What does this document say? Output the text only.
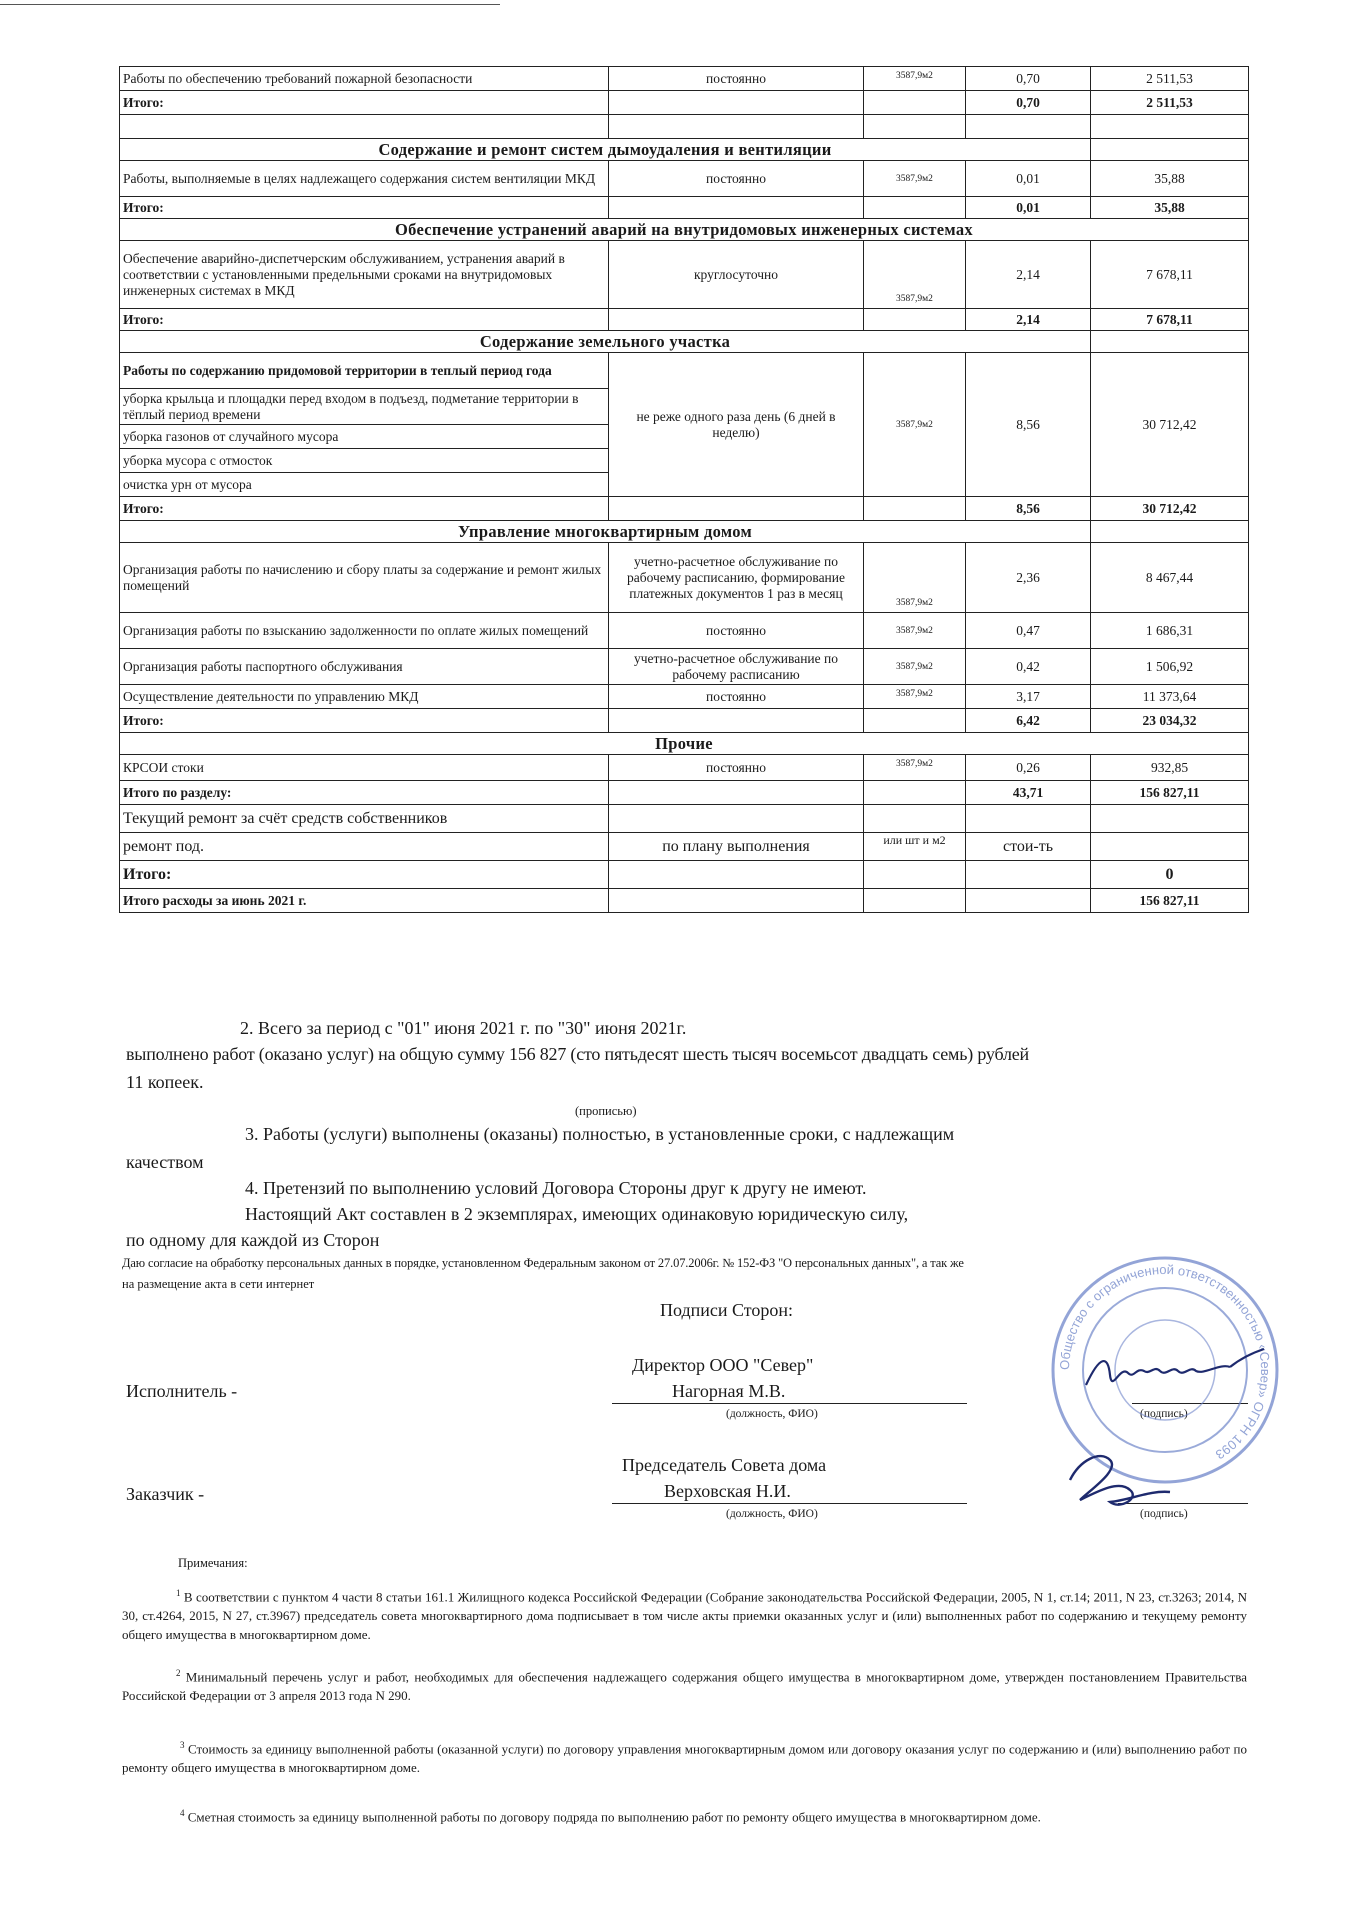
Работы по обеспечению требований пожарной безопасности	постоянно	3587,9м2	0,70	2 511,53
Итого:			0,70	2 511,53

Содержание и ремонт систем дымоудаления и вентиляции				
Работы, выполняемые в целях надлежащего содержания систем вентиляции МКД	постоянно	3587,9м2	0,01	35,88
Итого:			0,01	35,88
Обеспечение устранений аварий на внутридомовых инженерных системах				
Обеспечение аварийно-диспетчерским обслуживанием, устранения аварий в соответствии с установленными предельными сроками на внутридомовых инженерных системах в МКД	круглосуточно	3587,9м2	2,14	7 678,11
Итого:			2,14	7 678,11
Содержание земельного участка				
Работы по содержанию придомовой территории в теплый период года	не реже одного раза день (6 дней в неделю)	3587,9м2	8,56	30 712,42
уборка крыльца и площадки перед входом в подъезд, подметание территории в тёплый период времени				
уборка газонов от случайного мусора				
уборка мусора с отмосток				
очистка урн от мусора				
Итого:			8,56	30 712,42
Управление многоквартирным домом				
Организация работы по начислению и сбору платы за содержание и ремонт жилых помещений	учетно-расчетное обслуживание по рабочему расписанию, формирование платежных документов 1 раз в месяц	3587,9м2	2,36	8 467,44
Организация работы по взысканию задолженности по оплате жилых помещений	постоянно	3587,9м2	0,47	1 686,31
Организация работы паспортного обслуживания	учетно-расчетное обслуживание по рабочему расписанию	3587,9м2	0,42	1 506,92
Осуществление деятельности по управлению МКД	постоянно	3587,9м2	3,17	11 373,64
Итого:			6,42	23 034,32
Прочие				
КРСОИ стоки	постоянно	3587,9м2	0,26	932,85
Итого по разделу:			43,71	156 827,11
Текущий ремонт за счёт средств собственников				
ремонт под.	по плану выполнения	или шт и м2	стои-ть	
Итого:				0
Итого расходы за июнь 2021 г.				156 827,11
2. Всего за период с "01" июня 2021 г. по "30" июня 2021г.
выполнено работ (оказано услуг) на общую сумму 156 827 (сто пятьдесят шесть тысяч восемьсот двадцать семь) рублей
11 копеек.
(прописью)
3. Работы (услуги) выполнены (оказаны) полностью, в установленные сроки, с надлежащим
качеством
4. Претензий по выполнению условий Договора Стороны друг к другу не имеют.
Настоящий Акт составлен в 2 экземплярах, имеющих одинаковую юридическую силу,
по одному для каждой из Сторон
Даю согласие на обработку персональных данных в порядке, установленном Федеральным законом от 27.07.2006г. № 152-ФЗ "О персональных данных", а так же
на размещение акта в сети интернет
Подписи Сторон:
Исполнитель -
Директор ООО "Север"
Нагорная М.В.
(должность, ФИО)	(подпись)
Заказчик -
Председатель Совета дома
Верховская Н.И.
(должность, ФИО)	(подпись)
Общество с ограниченной ответственностью «Север» ОГРН 1093
Примечания:
$^1$ В соответствии с пунктом 4 части 8 статьи 161.1 Жилищного кодекса Российской Федерации (Собрание законодательства Российской Федерации, 2005, N 1, ст.14; 2011, N 23, ст.3263; 2014, N 30, ст.4264, 2015, N 27, ст.3967) председатель совета многоквартирного дома подписывает в том числе акты приемки оказанных услуг и (или) выполненных работ по содержанию и текущему ремонту общего имущества в многоквартирном доме.
$^2$ Минимальный перечень услуг и работ, необходимых для обеспечения надлежащего содержания общего имущества в многоквартирном доме, утвержден постановлением Правительства Российской Федерации от 3 апреля 2013 года N 290.
$^3$ Стоимость за единицу выполненной работы (оказанной услуги) по договору управления многоквартирным домом или договору оказания услуг по содержанию и (или) выполнению работ по ремонту общего имущества в многоквартирном доме.
$^4$ Сметная стоимость за единицу выполненной работы по договору подряда по выполнению работ по ремонту общего имущества в многоквартирном доме.
